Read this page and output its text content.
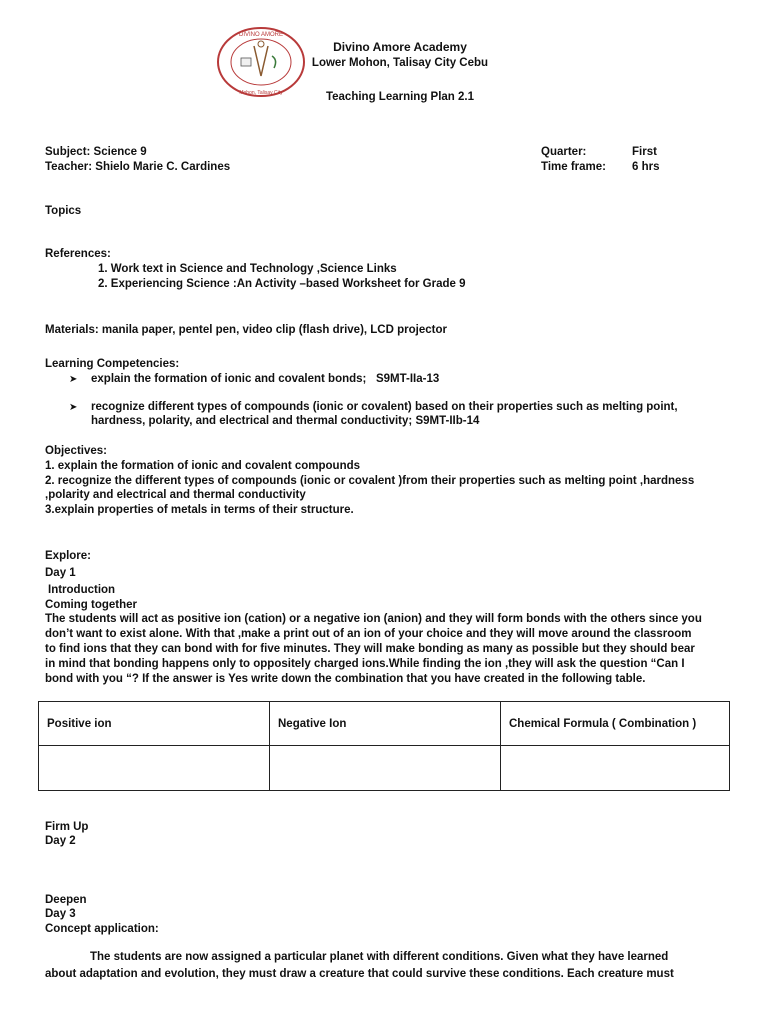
DIVINO AMORE
Mohon, Talisay City
Divino Amore Academy
Lower Mohon, Talisay City Cebu
Teaching Learning Plan 2.1
Subject: Science 9
Teacher: Shielo Marie C. Cardines
Quarter:	First
Time frame: 6 hrs
Topics
References:
1. Work text in Science and Technology ,Science Links
2. Experiencing Science :An Activity –based Worksheet for Grade 9
Materials: manila paper, pentel pen, video clip (flash drive), LCD projector
Learning Competencies:
➤ explain the formation of ionic and covalent bonds; S9MT-IIa-13
➤ recognize different types of compounds (ionic or covalent) based on their properties such as melting point,
hardness, polarity, and electrical and thermal conductivity; S9MT-IIb-14
Objectives:
1. explain the formation of ionic and covalent compounds
2. recognize the different types of compounds (ionic or covalent )from their properties such as melting point ,hardness
,polarity and electrical and thermal conductivity
3.explain properties of metals in terms of their structure.
Explore:
Day 1
Introduction
Coming together
The students will act as positive ion (cation) or a negative ion (anion) and they will form bonds with the others since you
don’t want to exist alone. With that ,make a print out of an ion of your choice and they will move around the classroom
to find ions that they can bond with for five minutes. They will make bonding as many as possible but they should bear
in mind that bonding happens only to oppositely charged ions.While finding the ion ,they will ask the question “Can I
bond with you “? If the answer is Yes write down the combination that you have created in the following table.
Positive ion	Negative Ion	Chemical Formula ( Combination )

Firm Up
Day 2
Deepen
Day 3
Concept application:
The students are now assigned a particular planet with different conditions. Given what they have learned
about adaptation and evolution, they must draw a creature that could survive these conditions. Each creature must
